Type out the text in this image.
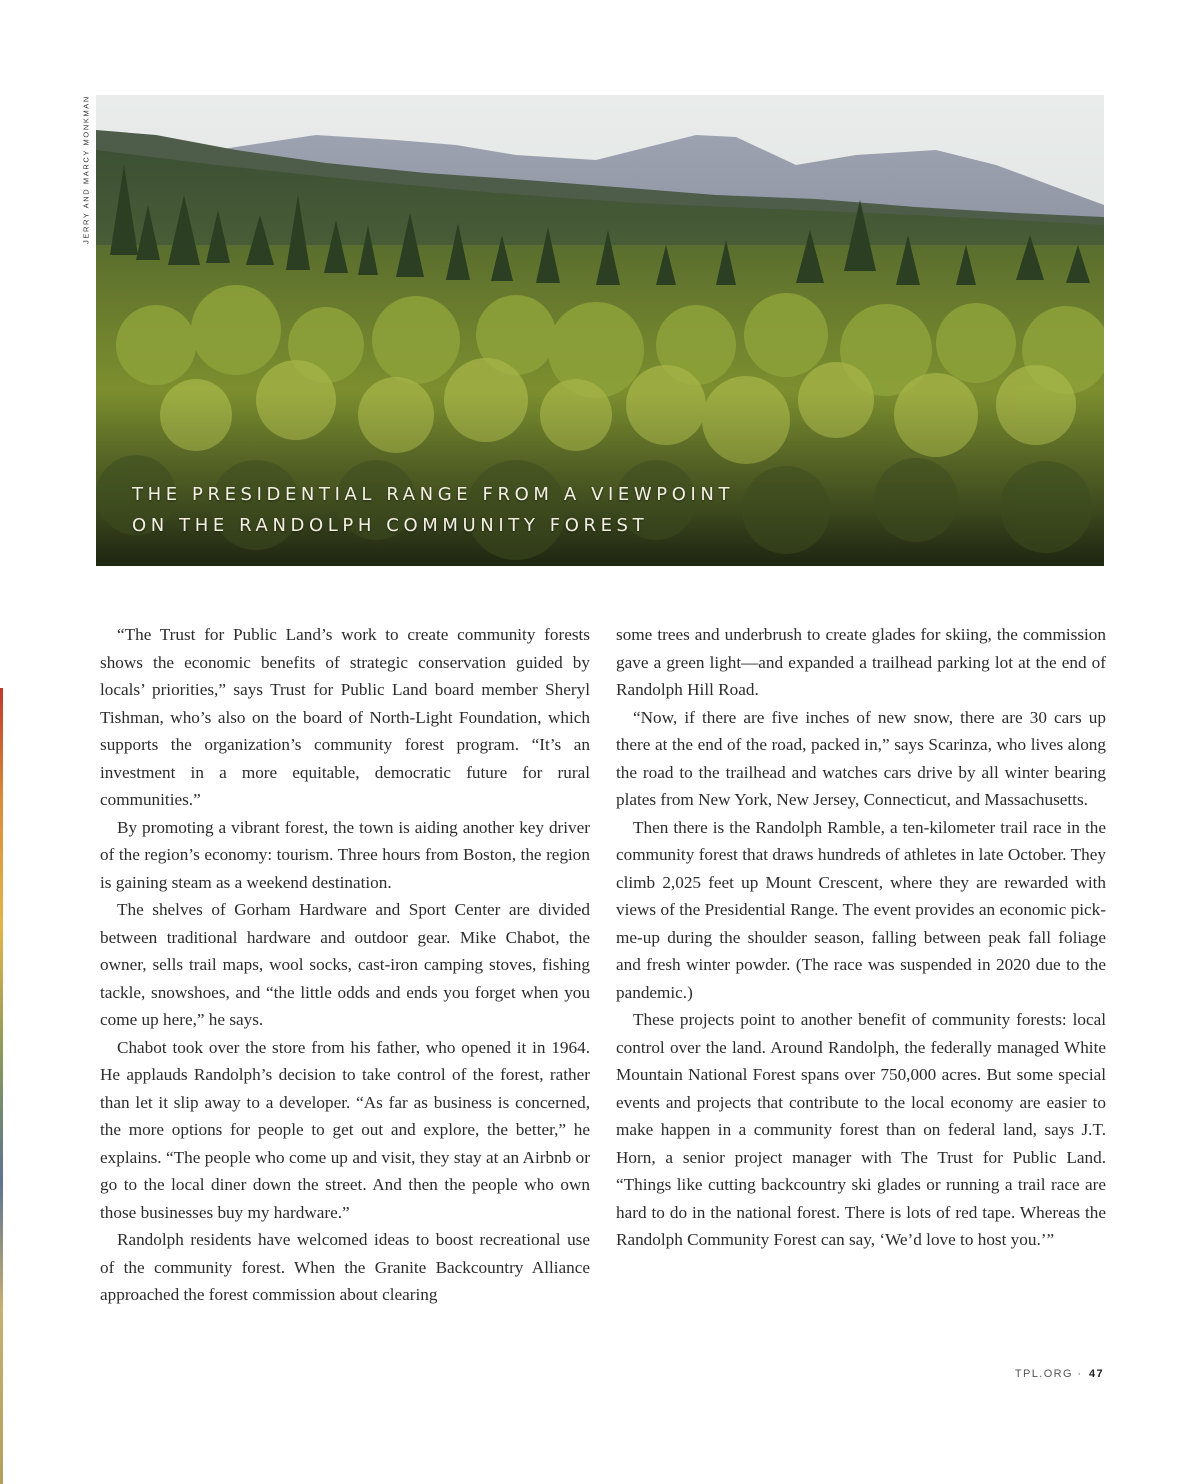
JERRY AND MARCY MONKMAN
THE PRESIDENTIAL RANGE FROM A VIEWPOINT
ON THE RANDOLPH COMMUNITY FOREST

“The Trust for Public Land’s work to create community forests shows the economic benefits of strategic conservation guided by locals’ priorities,” says Trust for Public Land board member Sheryl Tishman, who’s also on the board of North-Light Foundation, which supports the organization’s community forest program. “It’s an investment in a more equitable, democratic future for rural communities.”

By promoting a vibrant forest, the town is aiding another key driver of the region’s economy: tourism. Three hours from Boston, the region is gaining steam as a weekend destination.

The shelves of Gorham Hardware and Sport Center are divided between traditional hardware and outdoor gear. Mike Chabot, the owner, sells trail maps, wool socks, cast-iron camping stoves, fishing tackle, snowshoes, and “the little odds and ends you forget when you come up here,” he says.

Chabot took over the store from his father, who opened it in 1964. He applauds Randolph’s decision to take control of the forest, rather than let it slip away to a developer. “As far as business is concerned, the more options for people to get out and explore, the better,” he explains. “The people who come up and visit, they stay at an Airbnb or go to the local diner down the street. And then the people who own those businesses buy my hardware.”

Randolph residents have welcomed ideas to boost recreational use of the community forest. When the Granite Backcountry Alliance approached the forest commission about clearing

some trees and underbrush to create glades for skiing, the commission gave a green light—and expanded a trailhead parking lot at the end of Randolph Hill Road.

“Now, if there are five inches of new snow, there are 30 cars up there at the end of the road, packed in,” says Scarinza, who lives along the road to the trailhead and watches cars drive by all winter bearing plates from New York, New Jersey, Connecticut, and Massachusetts.

Then there is the Randolph Ramble, a ten-kilometer trail race in the community forest that draws hundreds of athletes in late October. They climb 2,025 feet up Mount Crescent, where they are rewarded with views of the Presidential Range. The event provides an economic pick-me-up during the shoulder season, falling between peak fall foliage and fresh winter powder. (The race was suspended in 2020 due to the pandemic.)

These projects point to another benefit of community forests: local control over the land. Around Randolph, the federally managed White Mountain National Forest spans over 750,000 acres. But some special events and projects that contribute to the local economy are easier to make happen in a community forest than on federal land, says J.T. Horn, a senior project manager with The Trust for Public Land. “Things like cutting backcountry ski glades or running a trail race are hard to do in the national forest. There is lots of red tape. Whereas the Randolph Community Forest can say, ‘We’d love to host you.’”

TPL.ORG · 47
